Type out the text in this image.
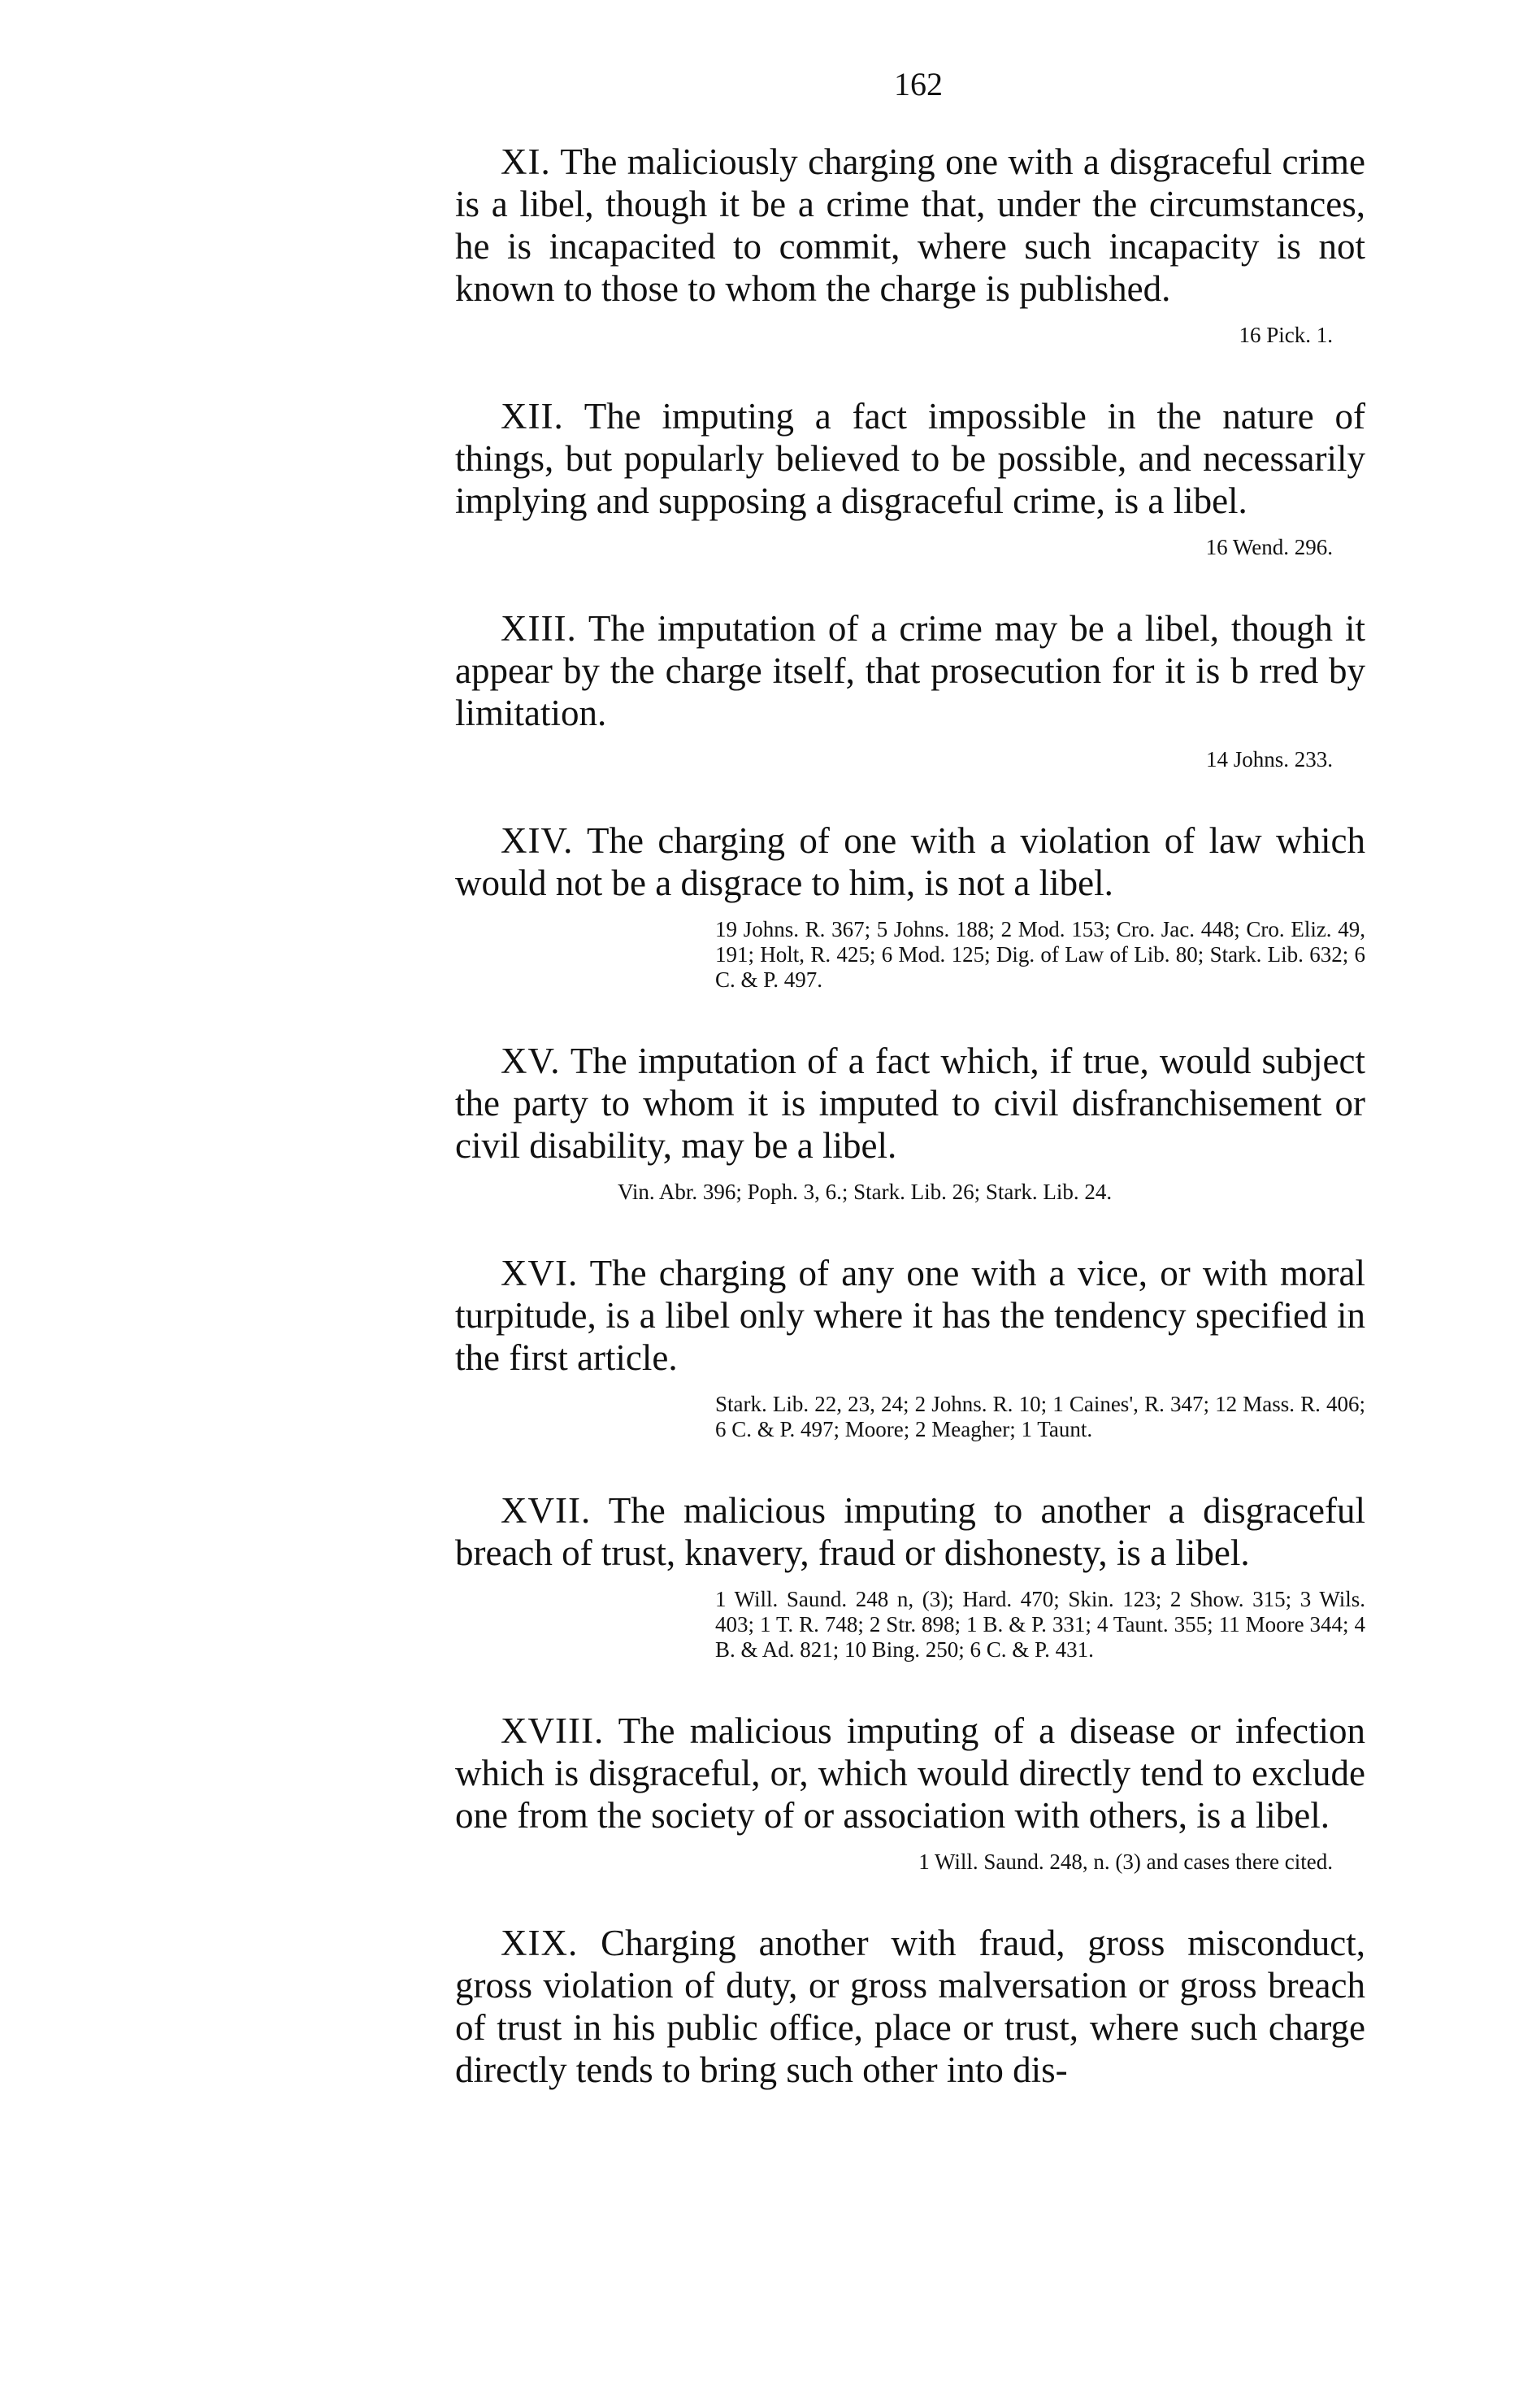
162

XI. The maliciously charging one with a disgraceful crime is a libel, though it be a crime that, under the circumstances, he is incapacited to commit, where such incapacity is not known to those to whom the charge is published.

16 Pick. 1.

XII. The imputing a fact impossible in the nature of things, but popularly believed to be possible, and necessarily implying and supposing a disgraceful crime, is a libel.

16 Wend. 296.

XIII. The imputation of a crime may be a libel, though it appear by the charge itself, that prosecution for it is b rred by limitation.

14 Johns. 233.

XIV. The charging of one with a violation of law which would not be a disgrace to him, is not a libel.

19 Johns. R. 367; 5 Johns. 188; 2 Mod. 153; Cro. Jac. 448; Cro. Eliz. 49, 191; Holt, R. 425; 6 Mod. 125; Dig. of Law of Lib. 80; Stark. Lib. 632; 6 C. & P. 497.

XV. The imputation of a fact which, if true, would subject the party to whom it is imputed to civil disfranchisement or civil disability, may be a libel.

Vin. Abr. 396; Poph. 3, 6.; Stark. Lib. 26; Stark. Lib. 24.

XVI. The charging of any one with a vice, or with moral turpitude, is a libel only where it has the tendency specified in the first article.

Stark. Lib. 22, 23, 24; 2 Johns. R. 10; 1 Caines', R. 347; 12 Mass. R. 406; 6 C. & P. 497; Moore; 2 Meagher; 1 Taunt.

XVII. The malicious imputing to another a disgraceful breach of trust, knavery, fraud or dishonesty, is a libel.

1 Will. Saund. 248 n, (3); Hard. 470; Skin. 123; 2 Show. 315; 3 Wils. 403; 1 T. R. 748; 2 Str. 898; 1 B. & P. 331; 4 Taunt. 355; 11 Moore 344; 4 B. & Ad. 821; 10 Bing. 250; 6 C. & P. 431.

XVIII. The malicious imputing of a disease or infection which is disgraceful, or, which would directly tend to exclude one from the society of or association with others, is a libel.

1 Will. Saund. 248, n. (3) and cases there cited.

XIX. Charging another with fraud, gross misconduct, gross violation of duty, or gross malversation or gross breach of trust in his public office, place or trust, where such charge directly tends to bring such other into dis-
